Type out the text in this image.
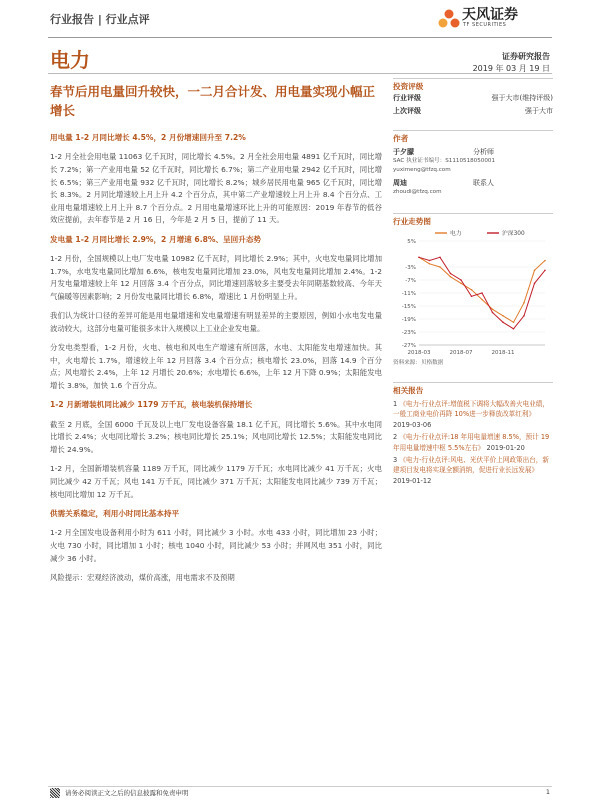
行业报告 | 行业点评	天风证券
TF SECURITIES
电力	证券研究报告
2019 年 03 月 19 日
春节后用电量回升较快，一二月合计发、用电量实现小幅正增长

用电量 1-2 月同比增长 4.5%，2 月份增速回升至 7.2%

1-2 月全社会用电量 11063 亿千瓦时，同比增长 4.5%。2 月全社会用电量 4891 亿千瓦时，同比增长 7.2%；第一产业用电量 52 亿千瓦时，同比增长 6.7%；第二产业用电量 2942 亿千瓦时，同比增长 6.5%；第三产业用电量 932 亿千瓦时，同比增长 8.2%；城乡居民用电量 965 亿千瓦时，同比增长 8.3%。2 月同比增速较上月上升 4.2 个百分点，其中第二产业增速较上月上升 8.4 个百分点、工业用电量增速较上月上升 8.7 个百分点。2 月用电量增速环比上升的可能原因：2019 年春节的低谷效应提前，去年春节是 2 月 16 日，今年是 2 月 5 日，提前了 11 天。

发电量 1-2 月同比增长 2.9%，2 月增速 6.8%、呈回升态势

1-2 月份，全国规模以上电厂发电量 10982 亿千瓦时，同比增长 2.9%；其中，火电发电量同比增加 1.7%，水电发电量同比增加 6.6%，核电发电量同比增加 23.0%，风电发电量同比增加 2.4%。1-2 月发电量增速较上年 12 月回落 3.4 个百分点，同比增速回落较多主要受去年同期基数较高、今年天气偏暖等因素影响；2 月份发电量同比增长 6.8%，增速比 1 月份明显上升。

我们认为统计口径的差异可能是用电量增速和发电量增速有明显差异的主要原因，例如小水电发电量波动较大，这部分电量可能很多未计入规模以上工业企业发电量。

分发电类型看，1-2 月份，火电、核电和风电生产增速有所回落，水电、太阳能发电增速加快。其中，火电增长 1.7%，增速较上年 12 月回落 3.4 个百分点；核电增长 23.0%，回落 14.9 个百分点；风电增长 2.4%，上年 12 月增长 20.6%；水电增长 6.6%，上年 12 月下降 0.9%；太阳能发电增长 3.8%，加快 1.6 个百分点。

1-2 月新增装机同比减少 1179 万千瓦，核电装机保持增长

截至 2 月底，全国 6000 千瓦及以上电厂发电设备容量 18.1 亿千瓦，同比增长 5.6%。其中水电同比增长 2.4%；火电同比增长 3.2%；核电同比增长 25.1%；风电同比增长 12.5%；太阳能发电同比增长 24.9%。

1-2 月，全国新增装机容量 1189 万千瓦，同比减少 1179 万千瓦；水电同比减少 41 万千瓦；火电同比减少 42 万千瓦；风电 141 万千瓦，同比减少 371 万千瓦；太阳能发电同比减少 739 万千瓦；核电同比增加 12 万千瓦。

供需关系稳定，利用小时同比基本持平

1-2 月全国发电设备利用小时为 611 小时，同比减少 3 小时。水电 433 小时，同比增加 23 小时；火电 730 小时，同比增加 1 小时；核电 1040 小时，同比减少 53 小时；并网风电 351 小时，同比减少 36 小时。

风险提示：宏观经济波动，煤价高涨，用电需求不及预期

投资评级
行业评级	强于大市(维持评级)
上次评级	强于大市
作者
于夕朦	分析师
SAC 执业证书编号：S1110518050001
yuximeng@tfzq.com
周迪	联系人
zhoudi@tfzq.com
行业走势图
5%
-3%
-7%
-11%
-15%
-19%
-23%
-27%
2018-03	2018-07	2018-11
电力	沪深300
资料来源：贝格数据
相关报告
1 《电力-行业点评:增值税下调将大幅改善火电业绩，一般工商业电价再降 10%进一步释放改革红利》 2019-03-06
2 《电力-行业点评:18 年用电量增速 8.5%，预计 19 年用电量增速中枢 5.5%左右》 2019-01-20
3 《电力-行业点评:风电、光伏平价上网政策出台，新建项目发电将实现全额消纳，促进行业长远发展》 2019-01-12
请务必阅读正文之后的信息披露和免责申明	1
